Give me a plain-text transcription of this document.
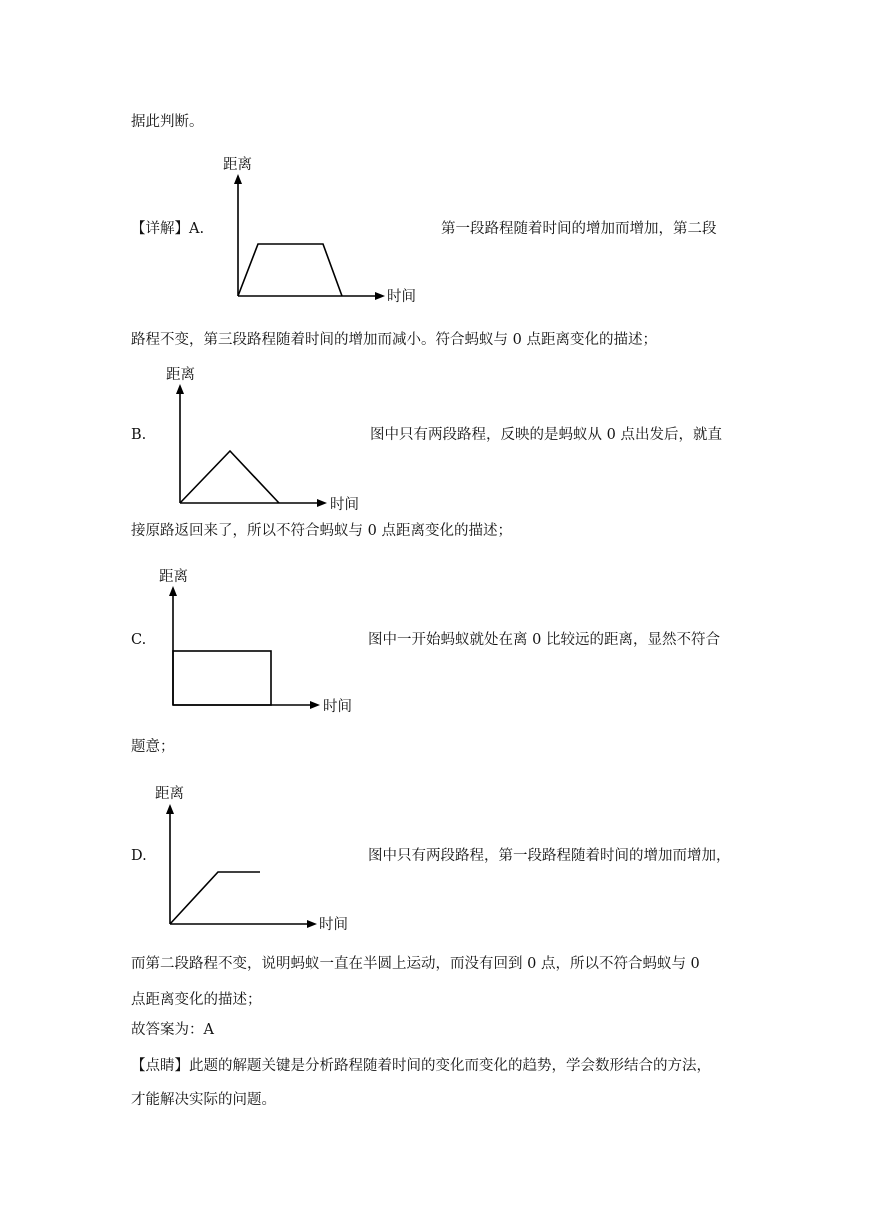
据此判断。
【详解】A.	第一段路程随着时间的增加而增加，第二段
路程不变，第三段路程随着时间的增加而减小。符合蚂蚁与 0 点距离变化的描述；
B.	图中只有两段路程，反映的是蚂蚁从 0 点出发后，就直
接原路返回来了，所以不符合蚂蚁与 0 点距离变化的描述；
C.	图中一开始蚂蚁就处在离 0 比较远的距离，显然不符合
题意；
D.	图中只有两段路程，第一段路程随着时间的增加而增加，
而第二段路程不变，说明蚂蚁一直在半圆上运动，而没有回到 0 点，所以不符合蚂蚁与 0
点距离变化的描述；
故答案为：A
【点睛】此题的解题关键是分析路程随着时间的变化而变化的趋势，学会数形结合的方法，
才能解决实际的问题。
距离
时间
距离
时间
距离
时间
距离
时间
